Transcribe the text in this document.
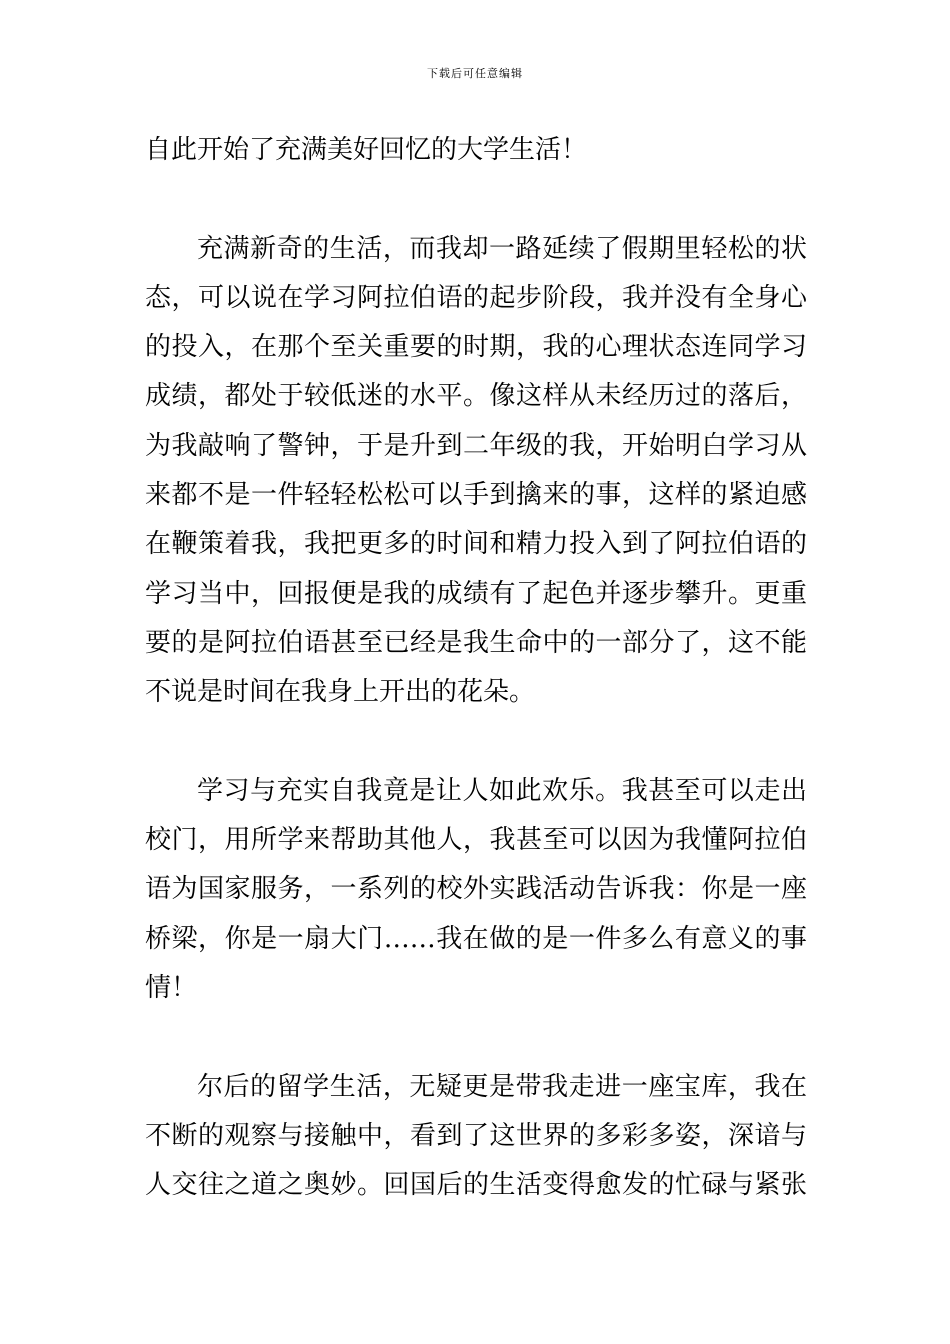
下载后可任意编辑
自此开始了充满美好回忆的大学生活！
充满新奇的生活，而我却一路延续了假期里轻松的状
态，可以说在学习阿拉伯语的起步阶段，我并没有全身心
的投入，在那个至关重要的时期，我的心理状态连同学习
成绩，都处于较低迷的水平。像这样从未经历过的落后，
为我敲响了警钟，于是升到二年级的我，开始明白学习从
来都不是一件轻轻松松可以手到擒来的事，这样的紧迫感
在鞭策着我，我把更多的时间和精力投入到了阿拉伯语的
学习当中，回报便是我的成绩有了起色并逐步攀升。更重
要的是阿拉伯语甚至已经是我生命中的一部分了，这不能
不说是时间在我身上开出的花朵。
学习与充实自我竟是让人如此欢乐。我甚至可以走出
校门，用所学来帮助其他人，我甚至可以因为我懂阿拉伯
语为国家服务，一系列的校外实践活动告诉我：你是一座
桥梁，你是一扇大门……我在做的是一件多么有意义的事
情！
尔后的留学生活，无疑更是带我走进一座宝库，我在
不断的观察与接触中，看到了这世界的多彩多姿，深谙与
人交往之道之奥妙。回国后的生活变得愈发的忙碌与紧张
